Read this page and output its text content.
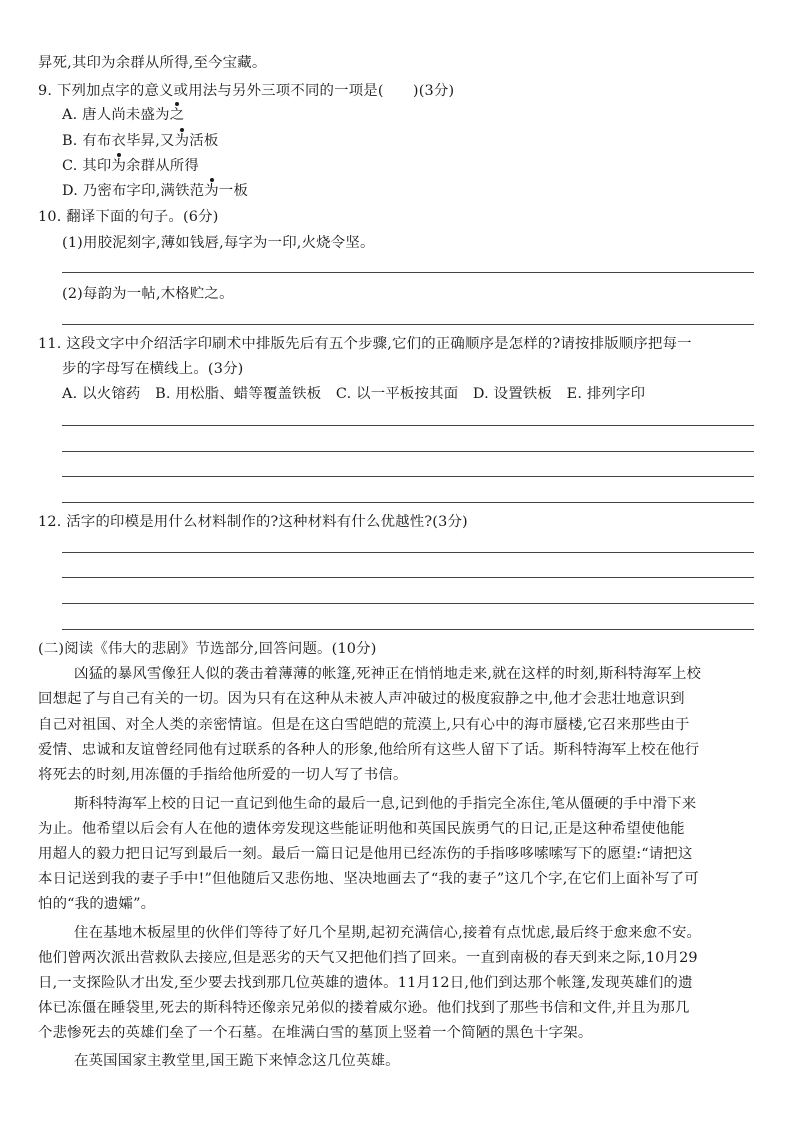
昇死,其印为余群从所得,至今宝藏。
9. 下列加点字的意义或用法与另外三项不同的一项是(　　)(3分)
A. 唐人尚未盛为之
B. 有布衣毕昇,又为活板
C. 其印为余群从所得
D. 乃密布字印,满铁范为一板
10. 翻译下面的句子。(6分)
(1)用胶泥刻字,薄如钱唇,每字为一印,火烧令坚。
(2)每韵为一帖,木格贮之。
11. 这段文字中介绍活字印刷术中排版先后有五个步骤,它们的正确顺序是怎样的?请按排版顺序把每一
步的字母写在横线上。(3分)
A. 以火镕药　B. 用松脂、蜡等覆盖铁板　C. 以一平板按其面　D. 设置铁板　E. 排列字印
12. 活字的印模是用什么材料制作的?这种材料有什么优越性?(3分)
(二)阅读《伟大的悲剧》节选部分,回答问题。(10分)
凶猛的暴风雪像狂人似的袭击着薄薄的帐篷,死神正在悄悄地走来,就在这样的时刻,斯科特海军上校
回想起了与自己有关的一切。因为只有在这种从未被人声冲破过的极度寂静之中,他才会悲壮地意识到
自己对祖国、对全人类的亲密情谊。但是在这白雪皑皑的荒漠上,只有心中的海市蜃楼,它召来那些由于
爱情、忠诚和友谊曾经同他有过联系的各种人的形象,他给所有这些人留下了话。斯科特海军上校在他行
将死去的时刻,用冻僵的手指给他所爱的一切人写了书信。
斯科特海军上校的日记一直记到他生命的最后一息,记到他的手指完全冻住,笔从僵硬的手中滑下来
为止。他希望以后会有人在他的遗体旁发现这些能证明他和英国民族勇气的日记,正是这种希望使他能
用超人的毅力把日记写到最后一刻。最后一篇日记是他用已经冻伤的手指哆哆嗦嗦写下的愿望:“请把这
本日记送到我的妻子手中!”但他随后又悲伤地、坚决地画去了“我的妻子”这几个字,在它们上面补写了可
怕的“我的遗孀”。
住在基地木板屋里的伙伴们等待了好几个星期,起初充满信心,接着有点忧虑,最后终于愈来愈不安。
他们曾两次派出营救队去接应,但是恶劣的天气又把他们挡了回来。一直到南极的春天到来之际,10月29
日,一支探险队才出发,至少要去找到那几位英雄的遗体。11月12日,他们到达那个帐篷,发现英雄们的遗
体已冻僵在睡袋里,死去的斯科特还像亲兄弟似的搂着威尔逊。他们找到了那些书信和文件,并且为那几
个悲惨死去的英雄们垒了一个石墓。在堆满白雪的墓顶上竖着一个简陋的黑色十字架。
在英国国家主教堂里,国王跪下来悼念这几位英雄。
